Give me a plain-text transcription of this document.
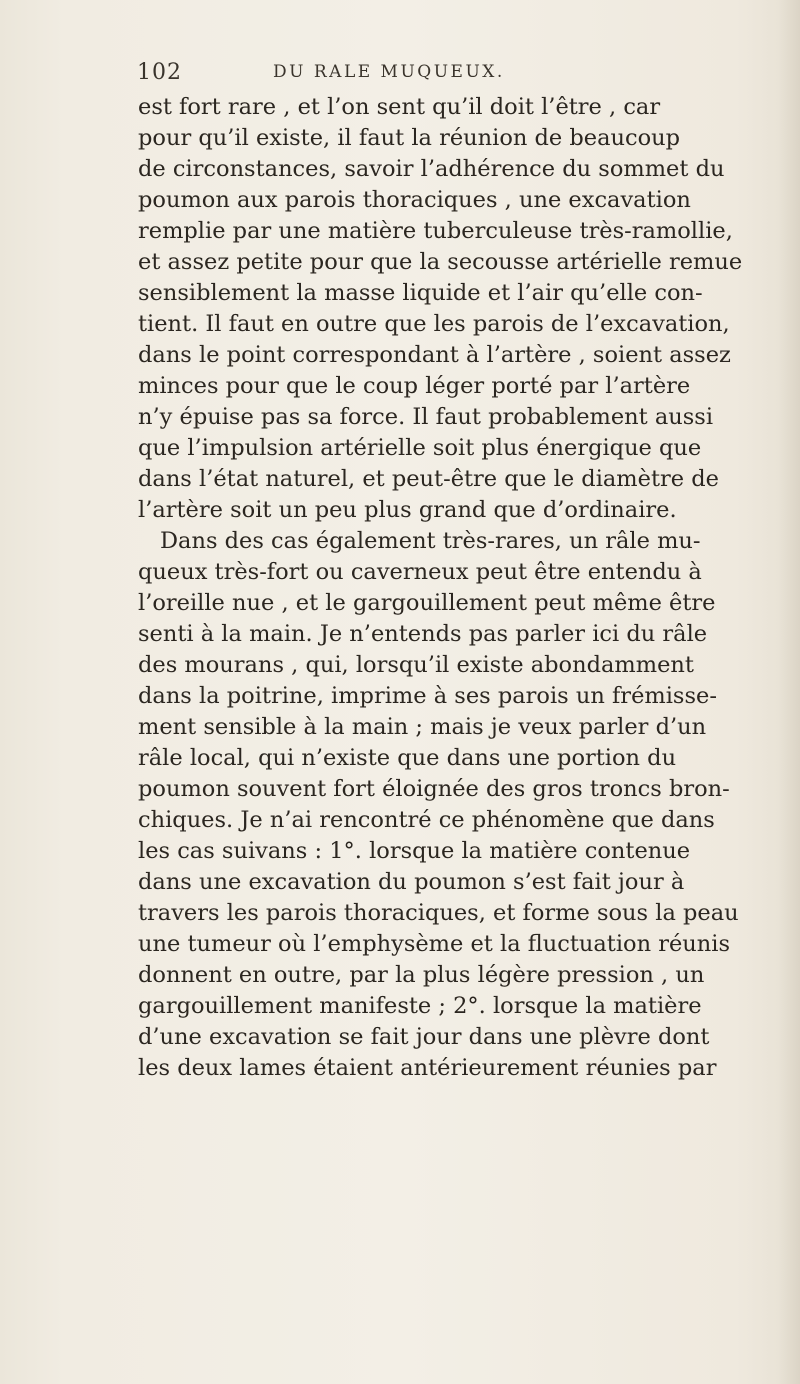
102	DU RALE MUQUEUX.
est fort rare , et l’on sent qu’il doit l’être , car
pour qu’il existe, il faut la réunion de beaucoup
de circonstances, savoir l’adhérence du sommet du
poumon aux parois thoraciques , une excavation
remplie par une matière tuberculeuse très-ramollie,
et assez petite pour que la secousse artérielle remue
sensiblement la masse liquide et l’air qu’elle con-
tient. Il faut en outre que les parois de l’excavation,
dans le point correspondant à l’artère , soient assez
minces pour que le coup léger porté par l’artère
n’y épuise pas sa force. Il faut probablement aussi
que l’impulsion artérielle soit plus énergique que
dans l’état naturel, et peut-être que le diamètre de
l’artère soit un peu plus grand que d’ordinaire.
Dans des cas également très-rares, un râle mu-
queux très-fort ou caverneux peut être entendu à
l’oreille nue , et le gargouillement peut même être
senti à la main. Je n’entends pas parler ici du râle
des mourans , qui, lorsqu’il existe abondamment
dans la poitrine, imprime à ses parois un frémisse-
ment sensible à la main ; mais je veux parler d’un
râle local, qui n’existe que dans une portion du
poumon souvent fort éloignée des gros troncs bron-
chiques. Je n’ai rencontré ce phénomène que dans
les cas suivans : 1°. lorsque la matière contenue
dans une excavation du poumon s’est fait jour à
travers les parois thoraciques, et forme sous la peau
une tumeur où l’emphysème et la fluctuation réunis
donnent en outre, par la plus légère pression , un
gargouillement manifeste ; 2°. lorsque la matière
d’une excavation se fait jour dans une plèvre dont
les deux lames étaient antérieurement réunies par
